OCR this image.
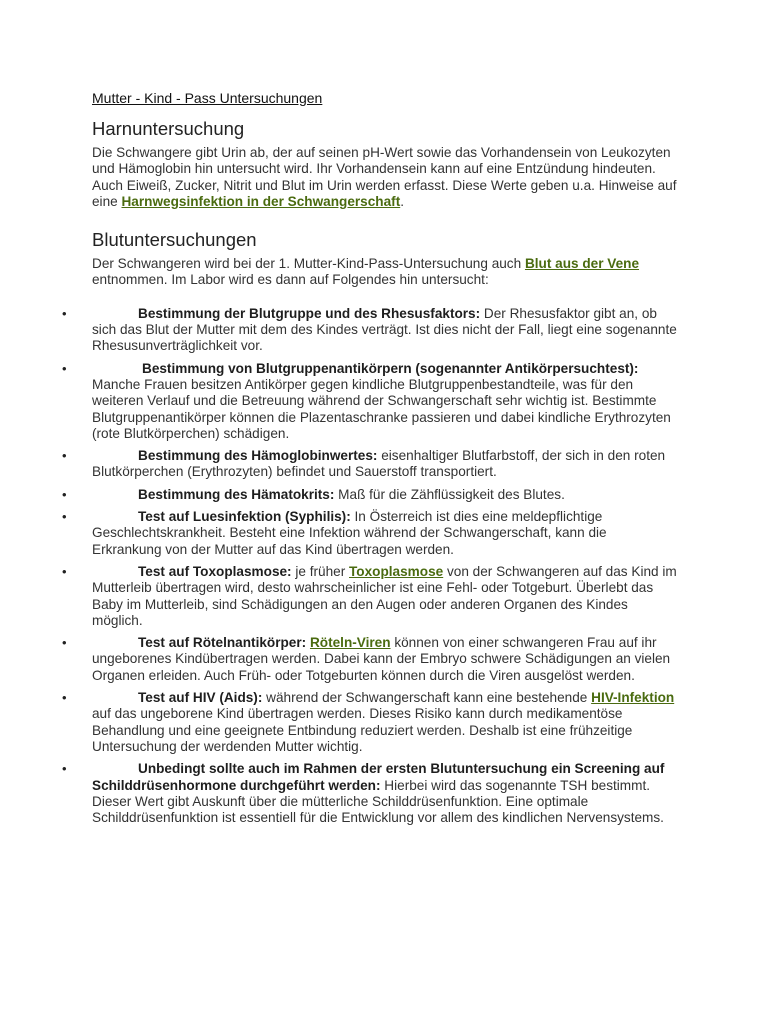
Mutter - Kind - Pass Untersuchungen
Harnuntersuchung

Die Schwangere gibt Urin ab, der auf seinen pH-Wert sowie das Vorhandensein von Leukozyten und Hämoglobin hin untersucht wird. Ihr Vorhandensein kann auf eine Entzündung hindeuten. Auch Eiweiß, Zucker, Nitrit und Blut im Urin werden erfasst. Diese Werte geben u.a. Hinweise auf eine Harnwegsinfektion in der Schwangerschaft.

Blutuntersuchungen

Der Schwangeren wird bei der 1. Mutter-Kind-Pass-Untersuchung auch Blut aus der Vene entnommen. Im Labor wird es dann auf Folgendes hin untersucht:

•	Bestimmung der Blutgruppe und des Rhesusfaktors: Der Rhesusfaktor gibt an, ob sich das Blut der Mutter mit dem des Kindes verträgt. Ist dies nicht der Fall, liegt eine sogenannte Rhesusunverträglichkeit vor.
•	Bestimmung von Blutgruppenantikörpern (sogenannter Antikörpersuchtest): Manche Frauen besitzen Antikörper gegen kindliche Blutgruppenbestandteile, was für den weiteren Verlauf und die Betreuung während der Schwangerschaft sehr wichtig ist. Bestimmte Blutgruppenantikörper können die Plazentaschranke passieren und dabei kindliche Erythrozyten (rote Blutkörperchen) schädigen.
•	Bestimmung des Hämoglobinwertes: eisenhaltiger Blutfarbstoff, der sich in den roten Blutkörperchen (Erythrozyten) befindet und Sauerstoff transportiert.
•	Bestimmung des Hämatokrits: Maß für die Zähflüssigkeit des Blutes.
•	Test auf Luesinfektion (Syphilis): In Österreich ist dies eine meldepflichtige Geschlechtskrankheit. Besteht eine Infektion während der Schwangerschaft, kann die Erkrankung von der Mutter auf das Kind übertragen werden.
•	Test auf Toxoplasmose: je früher Toxoplasmose von der Schwangeren auf das Kind im Mutterleib übertragen wird, desto wahrscheinlicher ist eine Fehl- oder Totgeburt. Überlebt das Baby im Mutterleib, sind Schädigungen an den Augen oder anderen Organen des Kindes möglich.
•	Test auf Rötelnantikörper: Röteln-Viren können von einer schwangeren Frau auf ihr ungeborenes Kindübertragen werden. Dabei kann der Embryo schwere Schädigungen an vielen Organen erleiden. Auch Früh- oder Totgeburten können durch die Viren ausgelöst werden.
•	Test auf HIV (Aids): während der Schwangerschaft kann eine bestehende HIV-Infektion auf das ungeborene Kind übertragen werden. Dieses Risiko kann durch medikamentöse Behandlung und eine geeignete Entbindung reduziert werden. Deshalb ist eine frühzeitige Untersuchung der werdenden Mutter wichtig.
•	Unbedingt sollte auch im Rahmen der ersten Blutuntersuchung ein Screening auf Schilddrüsenhormone durchgeführt werden: Hierbei wird das sogenannte TSH bestimmt. Dieser Wert gibt Auskunft über die mütterliche Schilddrüsenfunktion. Eine optimale Schilddrüsenfunktion ist essentiell für die Entwicklung vor allem des kindlichen Nervensystems.
